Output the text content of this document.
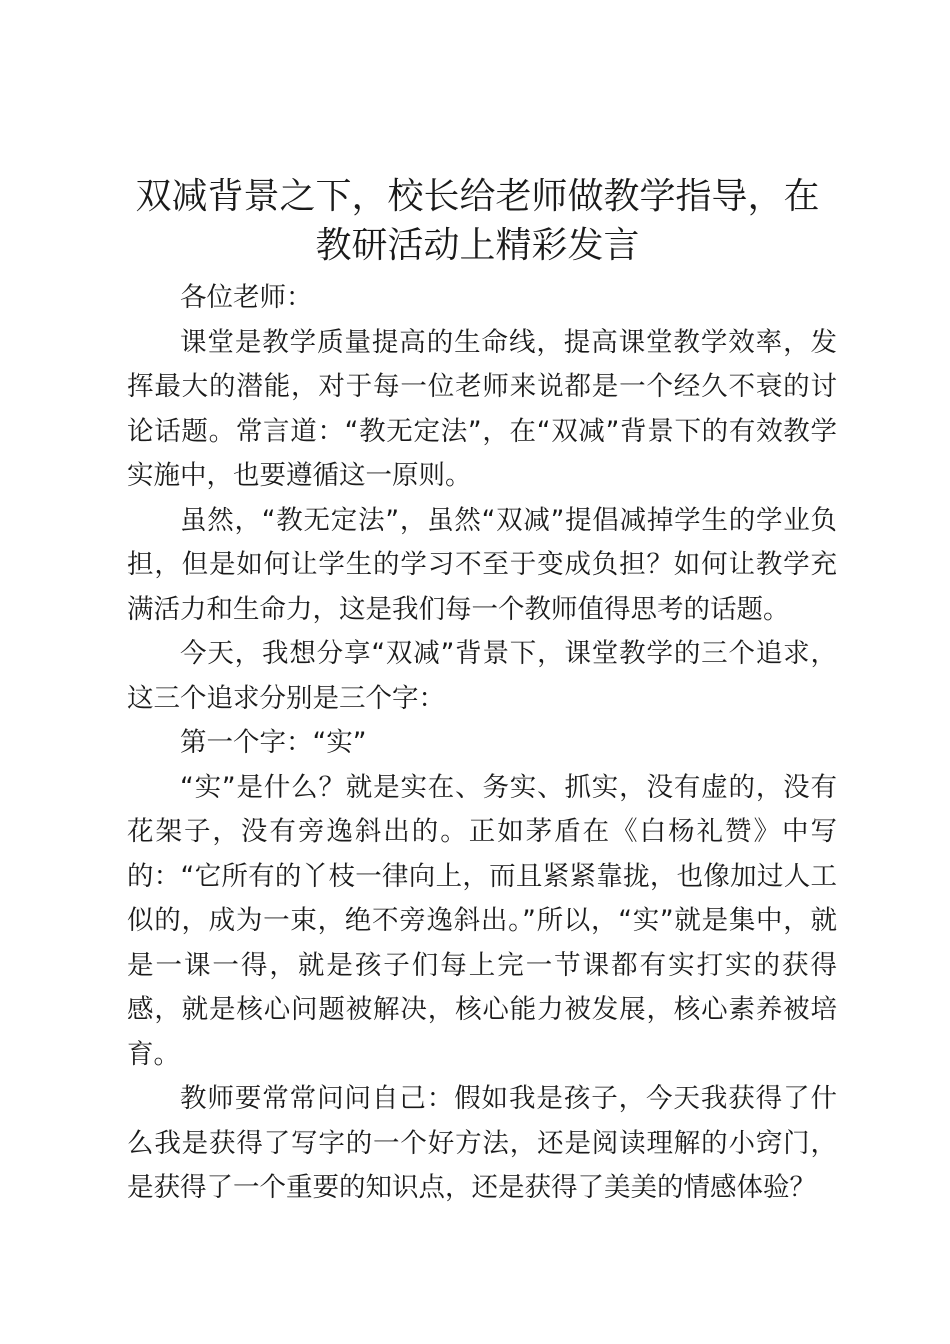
双减背景之下，校长给老师做教学指导，在教研活动上精彩发言

各位老师：

课堂是教学质量提高的生命线，提高课堂教学效率，发挥最大的潜能，对于每一位老师来说都是一个经久不衰的讨论话题。常言道：“教无定法”，在“双减”背景下的有效教学实施中，也要遵循这一原则。

虽然，“教无定法”，虽然“双减”提倡减掉学生的学业负担，但是如何让学生的学习不至于变成负担？如何让教学充满活力和生命力，这是我们每一个教师值得思考的话题。

今天，我想分享“双减”背景下，课堂教学的三个追求，这三个追求分别是三个字：

第一个字：“实”

“实”是什么？就是实在、务实、抓实，没有虚的，没有花架子，没有旁逸斜出的。正如茅盾在《白杨礼赞》中写的：“它所有的丫枝一律向上，而且紧紧靠拢，也像加过人工似的，成为一束，绝不旁逸斜出。”所以，“实”就是集中，就是一课一得，就是孩子们每上完一节课都有实打实的获得感，就是核心问题被解决，核心能力被发展，核心素养被培育。

教师要常常问问自己：假如我是孩子，今天我获得了什么我是获得了写字的一个好方法，还是阅读理解的小窍门，是获得了一个重要的知识点，还是获得了美美的情感体验？
